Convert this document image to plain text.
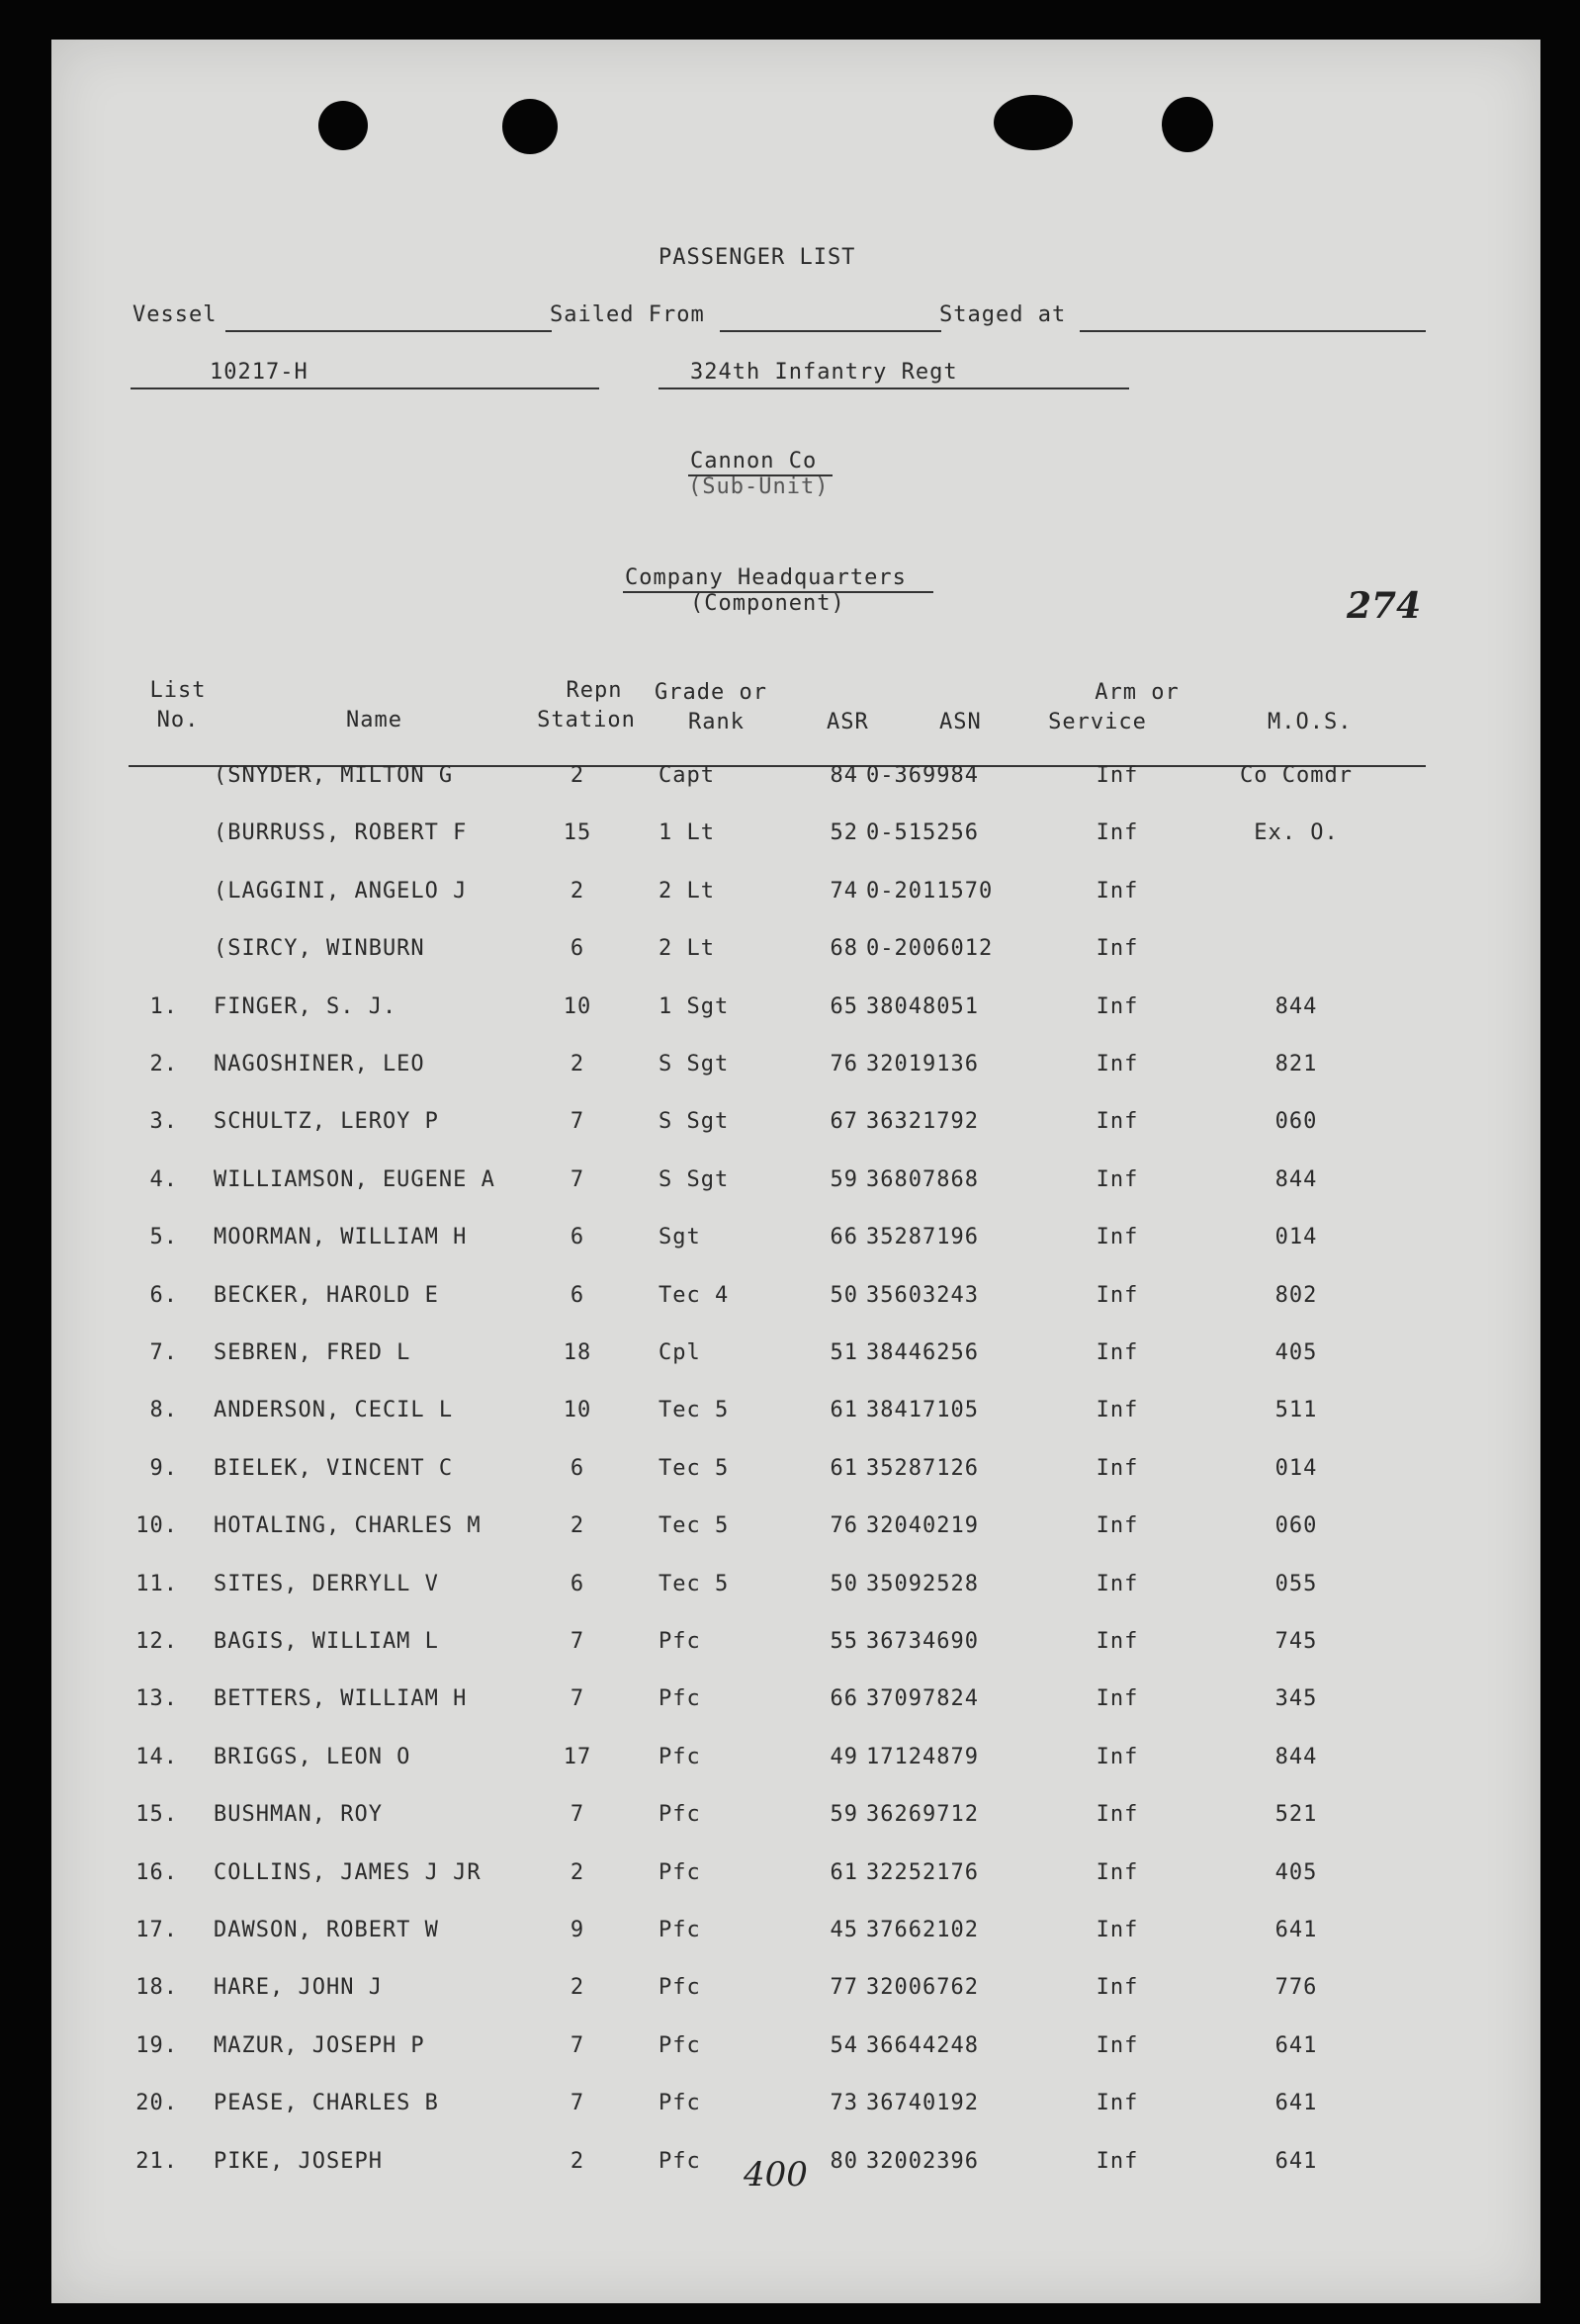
PASSENGER LIST
Vessel	Sailed From	Staged at
10217-H	324th Infantry Regt
Cannon Co
(Sub-Unit)
Company Headquarters
(Component)	274
List
No.	Name
Repn
Station
Grade or
Rank	ASR	ASN
Arm or
Service	M.O.S.
(SNYDER, MILTON G	2	Capt	84 0-369984	Inf	Co Comdr
(BURRUSS, ROBERT F	15	1 Lt	52 0-515256	Inf	Ex. O.
(LAGGINI, ANGELO J	2	2 Lt	74 0-2011570	Inf
(SIRCY, WINBURN	6	2 Lt	68 0-2006012	Inf
1. FINGER, S. J.	10	1 Sgt	65 38048051	Inf	844
2. NAGOSHINER, LEO	2	S Sgt	76 32019136	Inf	821
3. SCHULTZ, LEROY P	7	S Sgt	67 36321792	Inf	060
4. WILLIAMSON, EUGENE A	7	S Sgt	59 36807868	Inf	844
5. MOORMAN, WILLIAM H	6	Sgt	66 35287196	Inf	014
6. BECKER, HAROLD E	6	Tec 4	50 35603243	Inf	802
7. SEBREN, FRED L	18	Cpl	51 38446256	Inf	405
8. ANDERSON, CECIL L	10	Tec 5	61 38417105	Inf	511
9. BIELEK, VINCENT C	6	Tec 5	61 35287126	Inf	014
10. HOTALING, CHARLES M	2	Tec 5	76 32040219	Inf	060
11. SITES, DERRYLL V	6	Tec 5	50 35092528	Inf	055
12. BAGIS, WILLIAM L	7	Pfc	55 36734690	Inf	745
13. BETTERS, WILLIAM H	7	Pfc	66 37097824	Inf	345
14. BRIGGS, LEON O	17	Pfc	49 17124879	Inf	844
15. BUSHMAN, ROY	7	Pfc	59 36269712	Inf	521
16. COLLINS, JAMES J JR	2	Pfc	61 32252176	Inf	405
17. DAWSON, ROBERT W	9	Pfc	45 37662102	Inf	641
18. HARE, JOHN J	2	Pfc	77 32006762	Inf	776
19. MAZUR, JOSEPH P	7	Pfc	54 36644248	Inf	641
20. PEASE, CHARLES B	7	Pfc	73 36740192	Inf	641
21. PIKE, JOSEPH	2	Pfc	80 32002396	Inf	641
400
